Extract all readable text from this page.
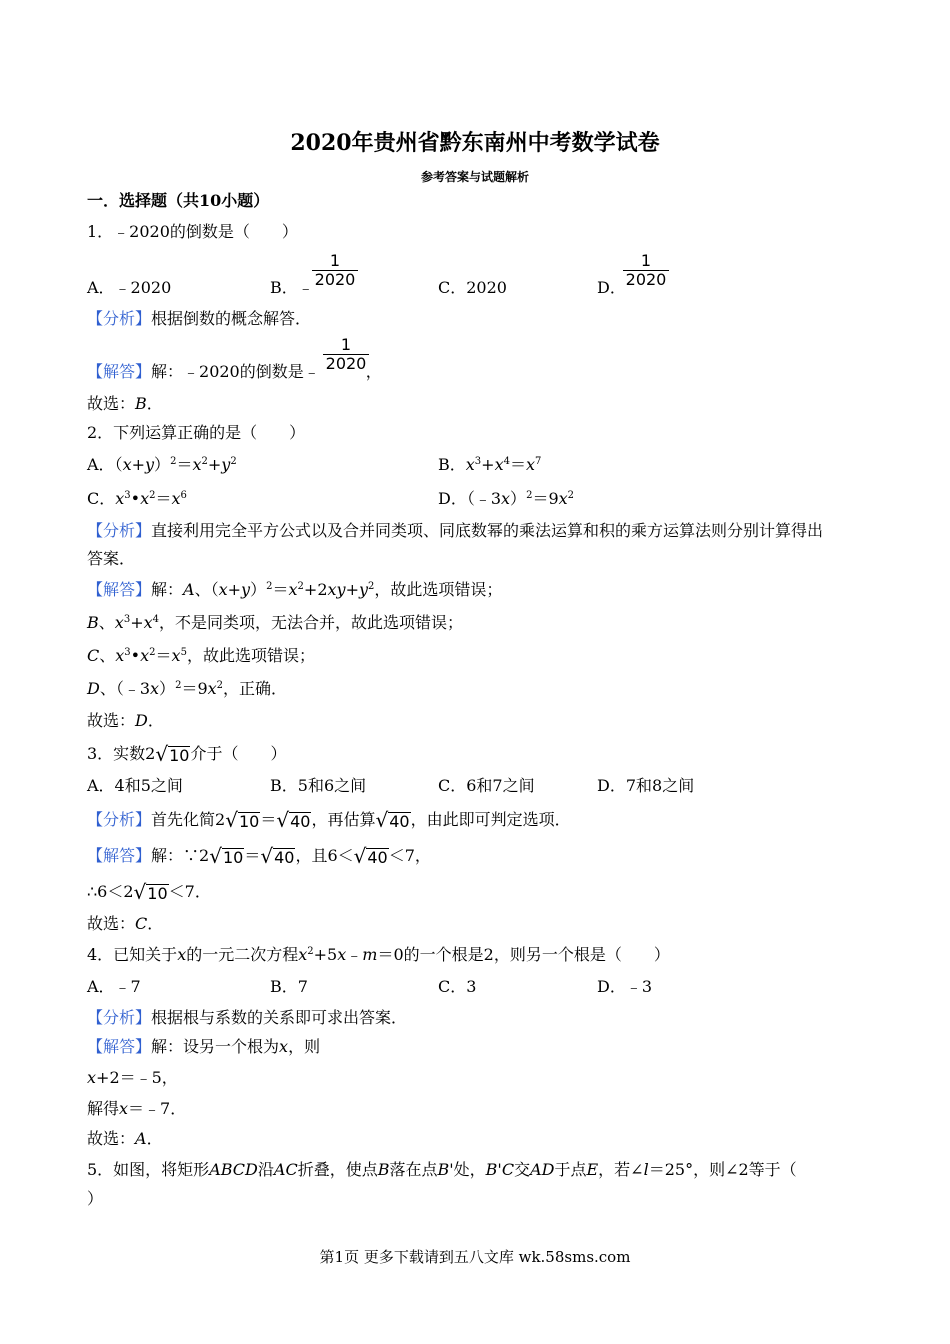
2020年贵州省黔东南州中考数学试卷
参考答案与试题解析
一．选择题（共10小题）
1．﹣2020的倒数是（　　）
A．﹣2020	B．﹣
1
2020	C．2020	D．
1
2020
【分析】根据倒数的概念解答．
【解答】解：﹣2020的倒数是﹣	，
1
2020
故选：B．
2．下列运算正确的是（　　）
A．$(x+y)^2=x^2+y^2$	B．$x^3+x^4=x^7$
C．$x^3•x^2=x^6$	D．$(﹣3x)^2=9x^2$
【分析】直接利用完全平方公式以及合并同类项、同底数幂的乘法运算和积的乘方运算法则分别计算得出
答案．
【解答】解：A、$(x+y)^2=x^2+2xy+y^2$，故此选项错误；
B、$x^3+x^4$，不是同类项，无法合并，故此选项错误；
C、$x^3•x^2=x^5$，故此选项错误；
D、$(﹣3x)^2=9x^2$，正确．
故选：D．
3．实数2√10介于（　　）
A．4和5之间	B．5和6之间	C．6和7之间	D．7和8之间
【分析】首先化简2√10＝√40，再估算√40，由此即可判定选项．
【解答】解：∵2√10＝√40，且6＜√40＜7，
∴6＜2√10＜7．
故选：C．
4．已知关于x的一元二次方程$x^2+5x﹣m=0$的一个根是2，则另一个根是（　　）
A．﹣7	B．7	C．3	D．﹣3
【分析】根据根与系数的关系即可求出答案．
【解答】解：设另一个根为x，则
x+2＝﹣5，
解得x＝﹣7．
故选：A．
5．如图，将矩形ABCD沿AC折叠，使点B落在点B'处，B'C交AD于点E，若∠l＝25°，则∠2等于（
）
第1页 更多下载请到五八文库 wk.58sms.com
